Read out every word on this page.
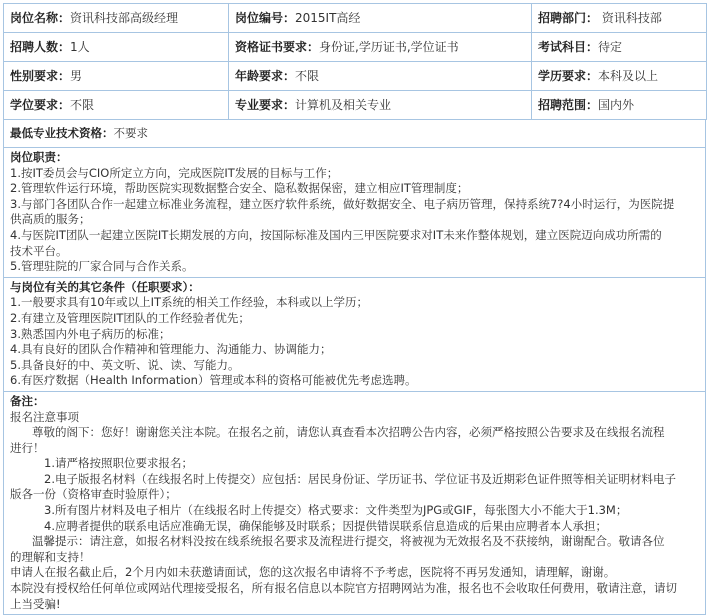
岗位名称：资讯科技部高级经理	岗位编号：2015IT高经	招聘部门： 资讯科技部
招聘人数：1人	资格证书要求：身份证,学历证书,学位证书	考试科目：待定
性别要求：男	年龄要求：不限	学历要求：本科及以上
学位要求：不限	专业要求：计算机及相关专业	招聘范围：国内外
最低专业技术资格： 不要求
岗位职责：
1.按IT委员会与CIO所定立方向，完成医院IT发展的目标与工作；
2.管理软件运行环境，帮助医院实现数据整合安全、隐私数据保密，建立相应IT管理制度；
3.与部门各团队合作一起建立标准业务流程，建立医疗软件系统，做好数据安全、电子病历管理，保持系统7?4小时运行，为医院提
供高质的服务；
4.与医院IT团队一起建立医院IT长期发展的方向，按国际标准及国内三甲医院要求对IT未来作整体规划，建立医院迈向成功所需的
技术平台。
5.管理驻院的厂家合同与合作关系。
与岗位有关的其它条件（任职要求）：
1.一般要求具有10年或以上IT系统的相关工作经验，本科或以上学历；
2.有建立及管理医院IT团队的工作经验者优先；
3.熟悉国内外电子病历的标准；
4.具有良好的团队合作精神和管理能力、沟通能力、协调能力；
5.具备良好的中、英文听、说、读、写能力。
6.有医疗数据（Health Information）管理或本科的资格可能被优先考虑选聘。
备注：
报名注意事项
尊敬的阁下：您好！谢谢您关注本院。在报名之前，请您认真查看本次招聘公告内容，必须严格按照公告要求及在线报名流程
进行！
1.请严格按照职位要求报名；
2.电子版报名材料（在线报名时上传提交）应包括：居民身份证、学历证书、学位证书及近期彩色证件照等相关证明材料电子
版各一份（资格审查时验原件）；
3.所有图片材料及电子相片（在线报名时上传提交）格式要求：文件类型为JPG或GIF，每张图大小不能大于1.3M；
4.应聘者提供的联系电话应准确无误，确保能够及时联系；因提供错误联系信息造成的后果由应聘者本人承担；
温馨提示：请注意，如报名材料没按在线系统报名要求及流程进行提交，将被视为无效报名及不获接纳，谢谢配合。敬请各位
的理解和支持！
申请人在报名截止后，2个月内如未获邀请面试，您的这次报名申请将不予考虑，医院将不再另发通知，请理解，谢谢。
本院没有授权给任何单位或网站代理接受报名，所有报名信息以本院官方招聘网站为准，报名也不会收取任何费用，敬请注意，请切
上当受骗!
